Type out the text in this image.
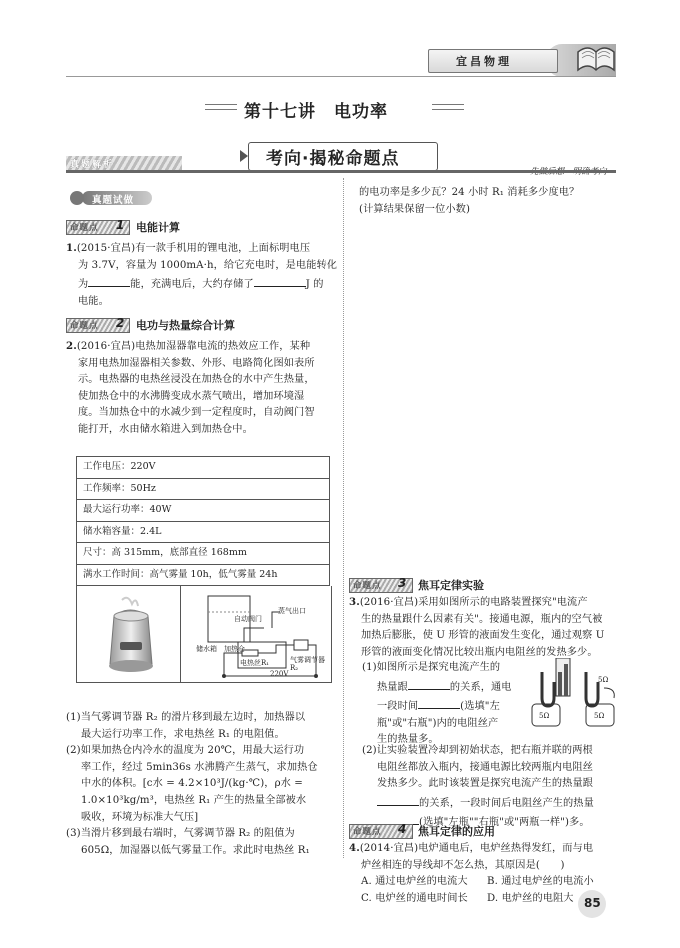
宜昌物理
第十七讲　电功率
真题解析	考向·揭秘命题点
真题试做
命题点 1 电能计算
1.(2015·宜昌)有一款手机用的锂电池，上面标明电压
为 3.7V，容量为 1000mA·h，给它充电时，是电能转化
为	能，充满电后，大约存储了	J 的
电能。
命题点 2 电功与热量综合计算
2.(2016·宜昌)电热加湿器靠电流的热效应工作，某种
家用电热加湿器相关参数、外形、电路简化图如表所
示。电热器的电热丝浸没在加热仓的水中产生热量，
使加热仓中的水沸腾变成水蒸气喷出，增加环境湿
度。当加热仓中的水减少到一定程度时，自动阀门智
能打开，水由储水箱进入到加热仓中。
工作电压：220V
工作频率：50Hz
最大运行功率：40W
储水箱容量：2.4L
尺寸：高 315mm，底部直径 168mm
满水工作时间：高气雾量 10h，低气雾量 24h
自动阀门
蒸气出口
储水箱 加热仓
电热丝R₁	气雾调节器R₂
220V
(1)当气雾调节器 R₂ 的滑片移到最左边时，加热器以
最大运行功率工作，求电热丝 R₁ 的电阻值。
(2)如果加热仓内冷水的温度为 20℃，用最大运行功
率工作，经过 5min36s 水沸腾产生蒸气，求加热仓
中水的体积。[c水 = 4.2×10³J/(kg·℃)，ρ水 =
1.0×10³kg/m³，电热丝 R₁ 产生的热量全部被水
吸收，环境为标准大气压]
(3)当滑片移到最右端时，气雾调节器 R₂ 的阻值为
605Ω，加湿器以低气雾量工作。求此时电热丝 R₁
的电功率是多少瓦？24 小时 R₁ 消耗多少度电？
(计算结果保留一位小数)
命题点 3 焦耳定律实验
3.(2016·宜昌)采用如图所示的电路装置探究"电流产
生的热量跟什么因素有关"。接通电源，瓶内的空气被
加热后膨胀，使 U 形管的液面发生变化，通过观察 U
形管的液面变化情况比较出瓶内电阻丝的发热多少。
(1)如图所示是探究电流产生的
热量跟	的关系，通电
一段时间	(选填"左
瓶"或"右瓶")内的电阻丝产
生的热量多。
5Ω	5Ω
5Ω
(2)让实验装置冷却到初始状态，把右瓶并联的两根
电阻丝都放入瓶内，接通电源比较两瓶内电阻丝
发热多少。此时该装置是探究电流产生的热量跟
的关系，一段时间后电阻丝产生的热量
(选填"左瓶""右瓶"或"两瓶一样")多。
命题点 4 焦耳定律的应用
4.(2014·宜昌)电炉通电后，电炉丝热得发红，而与电
炉丝相连的导线却不怎么热，其原因是(　　)
A. 通过电炉丝的电流大	B. 通过电炉丝的电流小
C. 电炉丝的通电时间长	D. 电炉丝的电阻大 85
